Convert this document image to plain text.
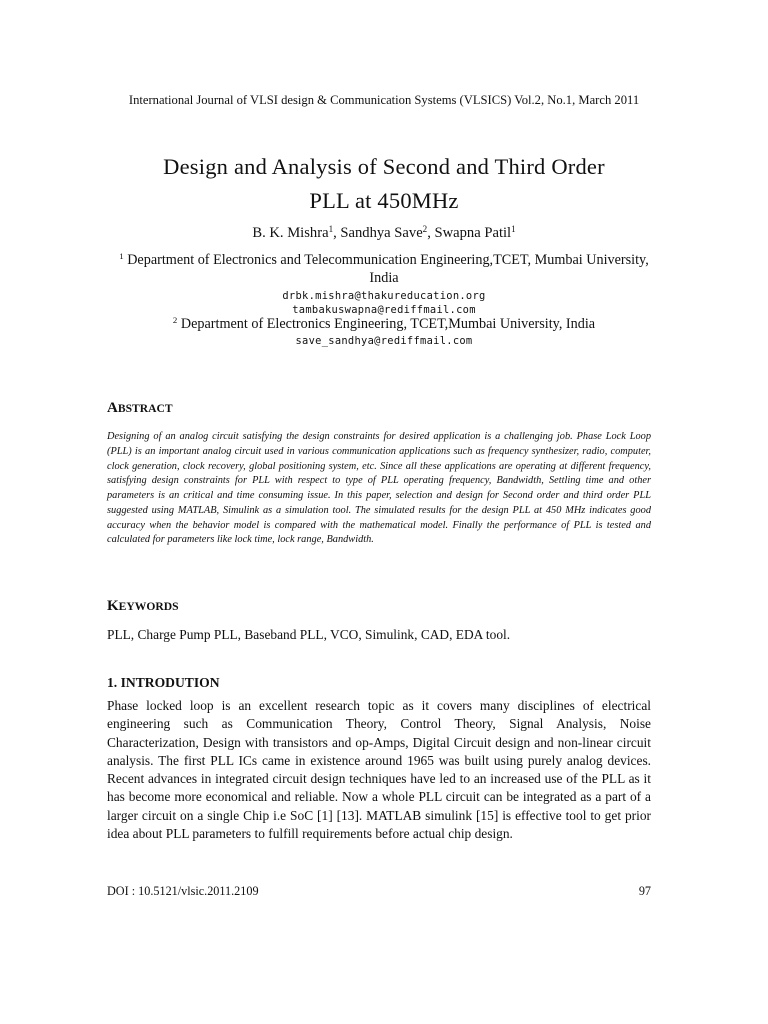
International Journal of VLSI design & Communication Systems (VLSICS) Vol.2, No.1, March 2011
Design and Analysis of Second and Third Order
PLL at 450MHz
B. K. Mishra$^1$, Sandhya Save$^2$, Swapna Patil$^1$
$^1$ Department of Electronics and Telecommunication Engineering,TCET, Mumbai University, India
drbk.mishra@thakureducation.org
tambakuswapna@rediffmail.com
$^2$ Department of Electronics Engineering, TCET,Mumbai University, India
save_sandhya@rediffmail.com
ABSTRACT
Designing of an analog circuit satisfying the design constraints for desired application is a challenging job. Phase Lock Loop (PLL) is an important analog circuit used in various communication applications such as frequency synthesizer, radio, computer, clock generation, clock recovery, global positioning system, etc. Since all these applications are operating at different frequency, satisfying design constraints for PLL with respect to type of PLL operating frequency, Bandwidth, Settling time and other parameters is an critical and time consuming issue. In this paper, selection and design for Second order and third order PLL suggested using MATLAB, Simulink as a simulation tool. The simulated results for the design PLL at 450 MHz indicates good accuracy when the behavior model is compared with the mathematical model. Finally the performance of PLL is tested and calculated for parameters like lock time, lock range, Bandwidth.
KEYWORDS
PLL, Charge Pump PLL, Baseband PLL, VCO, Simulink, CAD, EDA tool.
1. INTRODUTION
Phase locked loop is an excellent research topic as it covers many disciplines of electrical engineering such as Communication Theory, Control Theory, Signal Analysis, Noise Characterization, Design with transistors and op-Amps, Digital Circuit design and non-linear circuit analysis. The first PLL ICs came in existence around 1965 was built using purely analog devices. Recent advances in integrated circuit design techniques have led to an increased use of the PLL as it has become more economical and reliable. Now a whole PLL circuit can be integrated as a part of a larger circuit on a single Chip i.e SoC [1] [13]. MATLAB simulink [15] is effective tool to get prior idea about PLL parameters to fulfill requirements before actual chip design.
DOI : 10.5121/vlsic.2011.2109	97
